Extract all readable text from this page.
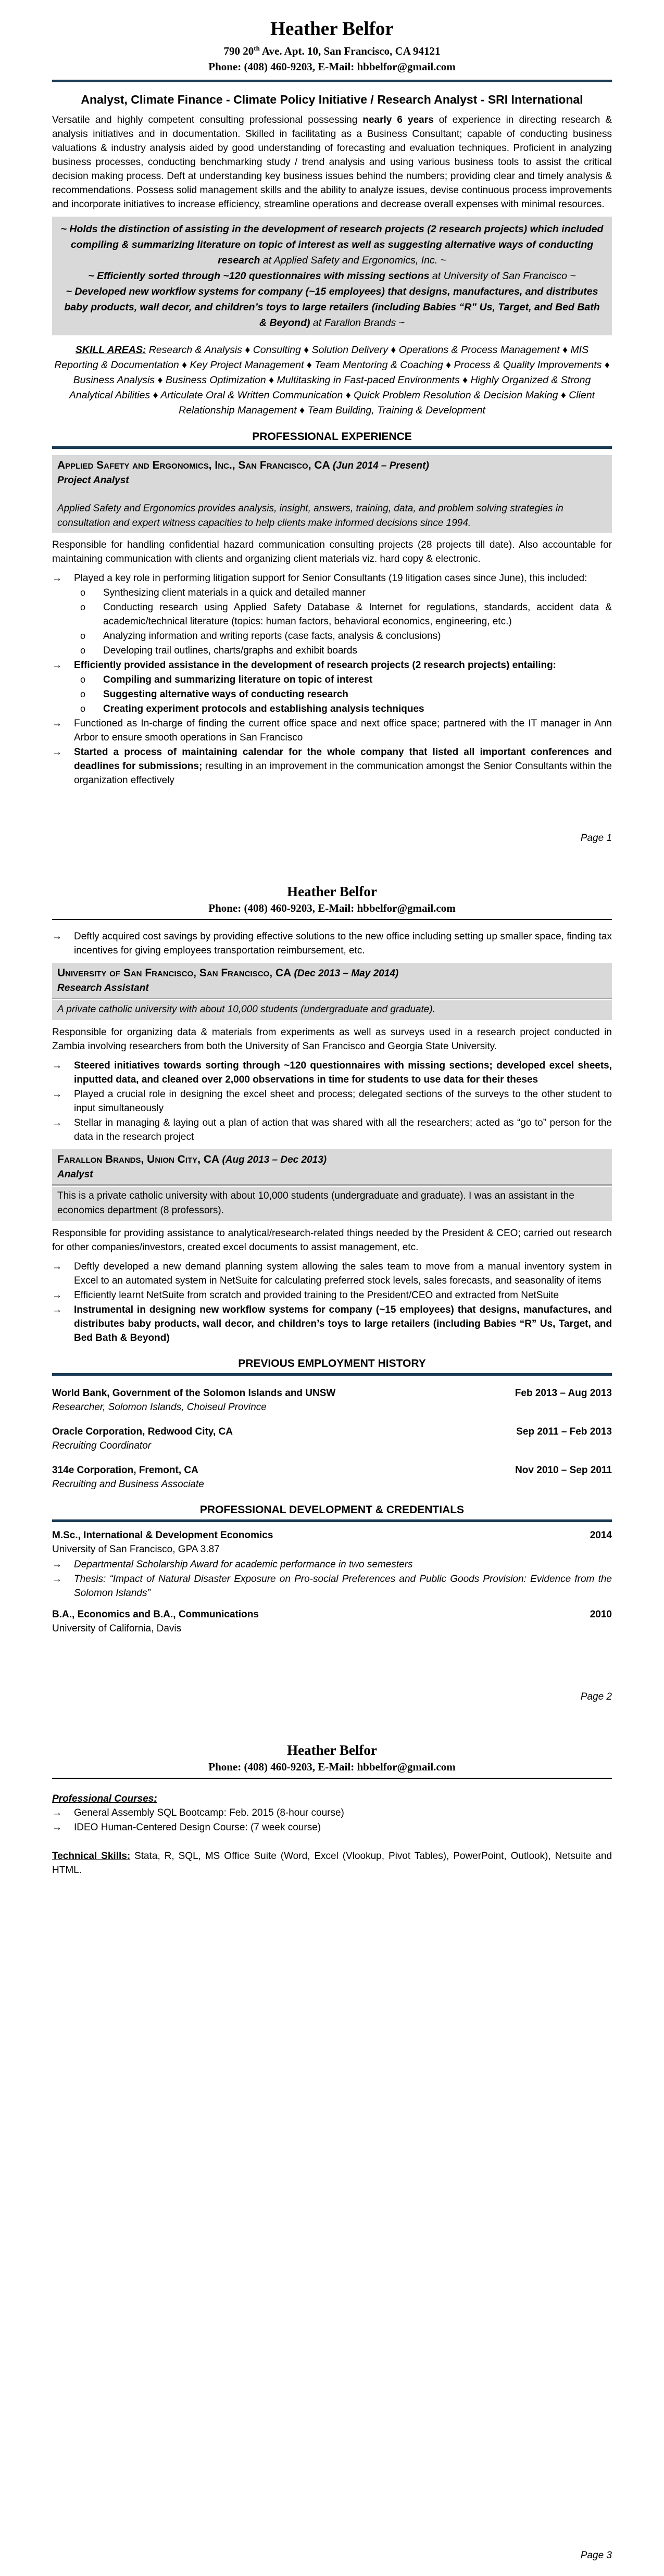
Heather Belfor
790 20th Ave. Apt. 10, San Francisco, CA 94121
Phone: (408) 460-9203, E-Mail: hbbelfor@gmail.com
Analyst, Climate Finance - Climate Policy Initiative / Research Analyst - SRI International

Versatile and highly competent consulting professional possessing nearly 6 years of experience in directing research & analysis initiatives and in documentation. Skilled in facilitating as a Business Consultant; capable of conducting business valuations & industry analysis aided by good understanding of forecasting and evaluation techniques. Proficient in analyzing business processes, conducting benchmarking study / trend analysis and using various business tools to assist the critical decision making process. Deft at understanding key business issues behind the numbers; providing clear and timely analysis & recommendations. Possess solid management skills and the ability to analyze issues, devise continuous process improvements and incorporate initiatives to increase efficiency, streamline operations and decrease overall expenses with minimal resources.

~ Holds the distinction of assisting in the development of research projects (2 research projects) which included compiling & summarizing literature on topic of interest as well as suggesting alternative ways of conducting research at Applied Safety and Ergonomics, Inc. ~
~ Efficiently sorted through ~120 questionnaires with missing sections at University of San Francisco ~
~ Developed new workflow systems for company (~15 employees) that designs, manufactures, and distributes baby products, wall decor, and children’s toys to large retailers (including Babies “R” Us, Target, and Bed Bath & Beyond) at Farallon Brands ~

SKILL AREAS: Research & Analysis ♦ Consulting ♦ Solution Delivery ♦ Operations & Process Management ♦ MIS Reporting & Documentation ♦ Key Project Management ♦ Team Mentoring & Coaching ♦ Process & Quality Improvements ♦ Business Analysis ♦ Business Optimization ♦ Multitasking in Fast-paced Environments ♦ Highly Organized & Strong Analytical Abilities ♦ Articulate Oral & Written Communication ♦ Quick Problem Resolution & Decision Making ♦ Client Relationship Management ♦ Team Building, Training & Development

PROFESSIONAL EXPERIENCE
Applied Safety and Ergonomics, Inc., San Francisco, CA (Jun 2014 – Present)
Project Analyst
Applied Safety and Ergonomics provides analysis, insight, answers, training, data, and problem solving strategies in consultation and expert witness capacities to help clients make informed decisions since 1994.

Responsible for handling confidential hazard communication consulting projects (28 projects till date). Also accountable for maintaining communication with clients and organizing client materials viz. hard copy & electronic.

→	Played a key role in performing litigation support for Senior Consultants (19 litigation cases since June), this included:
o	Synthesizing client materials in a quick and detailed manner
o	Conducting research using Applied Safety Database & Internet for regulations, standards, accident data & academic/technical literature (topics: human factors, behavioral economics, engineering, etc.)
o	Analyzing information and writing reports (case facts, analysis & conclusions)
o	Developing trail outlines, charts/graphs and exhibit boards
→	Efficiently provided assistance in the development of research projects (2 research projects) entailing:
o	Compiling and summarizing literature on topic of interest
o	Suggesting alternative ways of conducting research
o	Creating experiment protocols and establishing analysis techniques
→	Functioned as In-charge of finding the current office space and next office space; partnered with the IT manager in Ann Arbor to ensure smooth operations in San Francisco
→	Started a process of maintaining calendar for the whole company that listed all important conferences and deadlines for submissions; resulting in an improvement in the communication amongst the Senior Consultants within the organization effectively
Page 1
Heather Belfor
Phone: (408) 460-9203, E-Mail: hbbelfor@gmail.com
→	Deftly acquired cost savings by providing effective solutions to the new office including setting up smaller space, finding tax incentives for giving employees transportation reimbursement, etc.
University of San Francisco, San Francisco, CA (Dec 2013 – May 2014)
Research Assistant
A private catholic university with about 10,000 students (undergraduate and graduate).

Responsible for organizing data & materials from experiments as well as surveys used in a research project conducted in Zambia involving researchers from both the University of San Francisco and Georgia State University.

→	Steered initiatives towards sorting through ~120 questionnaires with missing sections; developed excel sheets, inputted data, and cleaned over 2,000 observations in time for students to use data for their theses
→	Played a crucial role in designing the excel sheet and process; delegated sections of the surveys to the other student to input simultaneously
→	Stellar in managing & laying out a plan of action that was shared with all the researchers; acted as “go to” person for the data in the research project
Farallon Brands, Union City, CA (Aug 2013 – Dec 2013)
Analyst
This is a private catholic university with about 10,000 students (undergraduate and graduate). I was an assistant in the economics department (8 professors).

Responsible for providing assistance to analytical/research-related things needed by the President & CEO; carried out research for other companies/investors, created excel documents to assist management, etc.

→	Deftly developed a new demand planning system allowing the sales team to move from a manual inventory system in Excel to an automated system in NetSuite for calculating preferred stock levels, sales forecasts, and seasonality of items
→	Efficiently learnt NetSuite from scratch and provided training to the President/CEO and extracted from NetSuite
→	Instrumental in designing new workflow systems for company (~15 employees) that designs, manufactures, and distributes baby products, wall decor, and children’s toys to large retailers (including Babies “R” Us, Target, and Bed Bath & Beyond)
PREVIOUS EMPLOYMENT HISTORY
World Bank, Government of the Solomon Islands and UNSW	Feb 2013 – Aug 2013
Researcher, Solomon Islands, Choiseul Province
Oracle Corporation, Redwood City, CA	Sep 2011 – Feb 2013
Recruiting Coordinator
314e Corporation, Fremont, CA	Nov 2010 – Sep 2011
Recruiting and Business Associate
PROFESSIONAL DEVELOPMENT & CREDENTIALS
M.Sc., International & Development Economics	2014
University of San Francisco, GPA 3.87
→	Departmental Scholarship Award for academic performance in two semesters
→	Thesis: “Impact of Natural Disaster Exposure on Pro-social Preferences and Public Goods Provision: Evidence from the Solomon Islands”
B.A., Economics and B.A., Communications	2010
University of California, Davis
Page 2
Heather Belfor
Phone: (408) 460-9203, E-Mail: hbbelfor@gmail.com
Professional Courses:
→	General Assembly SQL Bootcamp: Feb. 2015 (8-hour course)
→	IDEO Human-Centered Design Course: (7 week course)

Technical Skills: Stata, R, SQL, MS Office Suite (Word, Excel (Vlookup, Pivot Tables), PowerPoint, Outlook), Netsuite and HTML.

Page 3
